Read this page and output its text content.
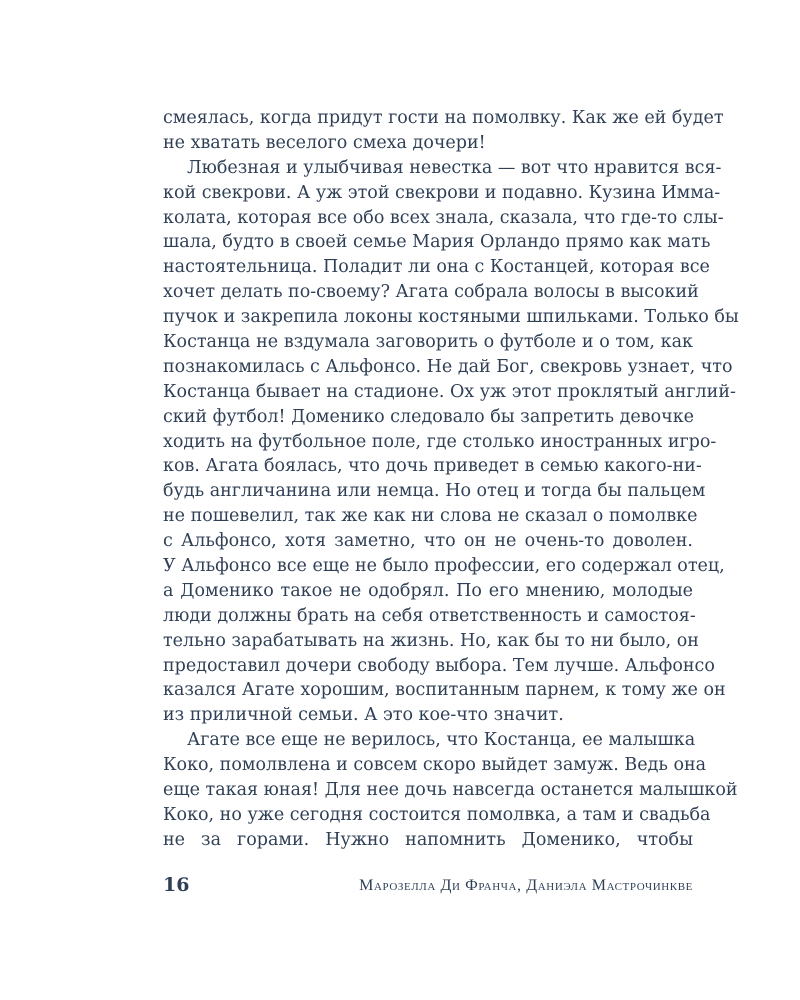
смеялась, когда придут гости на помолвку. Как же ей будет
не хватать веселого смеха дочери!
Любезная и улыбчивая невестка — вот что нравится вся-
кой свекрови. А уж этой свекрови и подавно. Кузина Имма-
колата, которая все обо всех знала, сказала, что где-то слы-
шала, будто в своей семье Мария Орландо прямо как мать
настоятельница. Поладит ли она с Костанцей, которая все
хочет делать по-своему? Агата собрала волосы в высокий
пучок и закрепила локоны костяными шпильками. Только бы
Костанца не вздумала заговорить о футболе и о том, как
познакомилась с Альфонсо. Не дай Бог, свекровь узнает, что
Костанца бывает на стадионе. Ох уж этот проклятый англий-
ский футбол! Доменико следовало бы запретить девочке
ходить на футбольное поле, где столько иностранных игро-
ков. Агата боялась, что дочь приведет в семью какого-ни-
будь англичанина или немца. Но отец и тогда бы пальцем
не пошевелил, так же как ни слова не сказал о помолвке
с Альфонсо, хотя заметно, что он не очень-то доволен.
У Альфонсо все еще не было профессии, его содержал отец,
а Доменико такое не одобрял. По его мнению, молодые
люди должны брать на себя ответственность и самостоя-
тельно зарабатывать на жизнь. Но, как бы то ни было, он
предоставил дочери свободу выбора. Тем лучше. Альфонсо
казался Агате хорошим, воспитанным парнем, к тому же он
из приличной семьи. А это кое-что значит.
Агате все еще не верилось, что Костанца, ее малышка
Коко, помолвлена и совсем скоро выйдет замуж. Ведь она
еще такая юная! Для нее дочь навсегда останется малышкой
Коко, но уже сегодня состоится помолвка, а там и свадьба
не за горами. Нужно напомнить Доменико, чтобы
16	Марозелла Ди Франча, Даниэла Мастрочинкве
